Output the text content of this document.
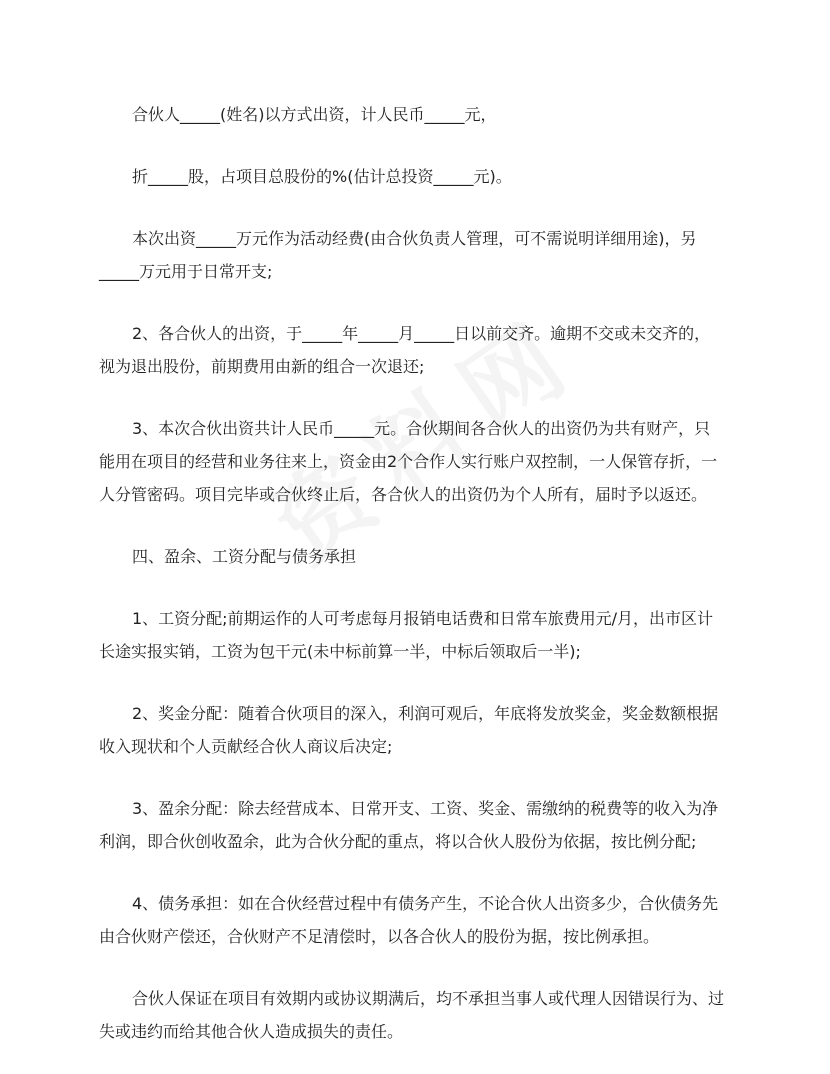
合伙人_____(姓名)以方式出资，计人民币_____元，

折_____股，占项目总股份的%(估计总投资_____元)。

本次出资_____万元作为活动经费(由合伙负责人管理，可不需说明详细用途)，另_____万元用于日常开支;

2、各合伙人的出资，于_____年_____月_____日以前交齐。逾期不交或未交齐的，视为退出股份，前期费用由新的组合一次退还;

3、本次合伙出资共计人民币_____元。合伙期间各合伙人的出资仍为共有财产，只能用在项目的经营和业务往来上，资金由2个合作人实行账户双控制，一人保管存折，一人分管密码。项目完毕或合伙终止后，各合伙人的出资仍为个人所有，届时予以返还。

四、盈余、工资分配与债务承担

1、工资分配;前期运作的人可考虑每月报销电话费和日常车旅费用元/月，出市区计长途实报实销，工资为包干元(未中标前算一半，中标后领取后一半);

2、奖金分配：随着合伙项目的深入，利润可观后，年底将发放奖金，奖金数额根据收入现状和个人贡献经合伙人商议后决定;

3、盈余分配：除去经营成本、日常开支、工资、奖金、需缴纳的税费等的收入为净利润，即合伙创收盈余，此为合伙分配的重点，将以合伙人股份为依据，按比例分配;

4、债务承担：如在合伙经营过程中有债务产生，不论合伙人出资多少，合伙债务先由合伙财产偿还，合伙财产不足清偿时，以各合伙人的股份为据，按比例承担。

合伙人保证在项目有效期内或协议期满后，均不承担当事人或代理人因错误行为、过失或违约而给其他合伙人造成损失的责任。
